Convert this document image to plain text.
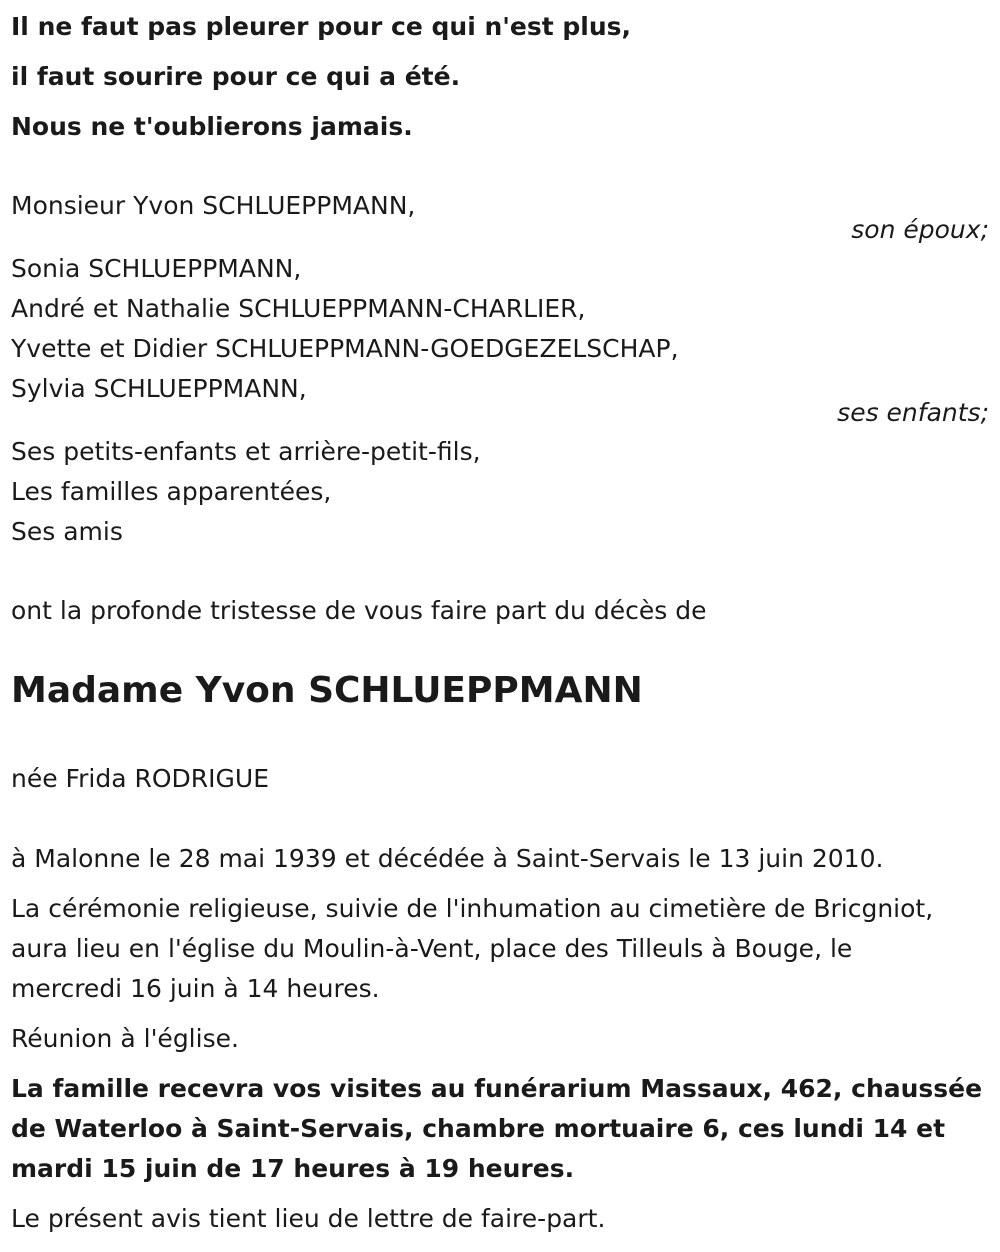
Il ne faut pas pleurer pour ce qui n'est plus,
il faut sourire pour ce qui a été.
Nous ne t'oublierons jamais.
Monsieur Yvon SCHLUEPPMANN,
son époux;
Sonia SCHLUEPPMANN,
André et Nathalie SCHLUEPPMANN-CHARLIER,
Yvette et Didier SCHLUEPPMANN-GOEDGEZELSCHAP,
Sylvia SCHLUEPPMANN,
ses enfants;
Ses petits-enfants et arrière-petit-fils,
Les familles apparentées,
Ses amis
ont la profonde tristesse de vous faire part du décès de
Madame Yvon SCHLUEPPMANN
née Frida RODRIGUE
à Malonne le 28 mai 1939 et décédée à Saint-Servais le 13 juin 2010.
La cérémonie religieuse, suivie de l'inhumation au cimetière de Bricgniot,
aura lieu en l'église du Moulin-à-Vent, place des Tilleuls à Bouge, le
mercredi 16 juin à 14 heures.
Réunion à l'église.
La famille recevra vos visites au funérarium Massaux, 462, chaussée
de Waterloo à Saint-Servais, chambre mortuaire 6, ces lundi 14 et
mardi 15 juin de 17 heures à 19 heures.
Le présent avis tient lieu de lettre de faire-part.
